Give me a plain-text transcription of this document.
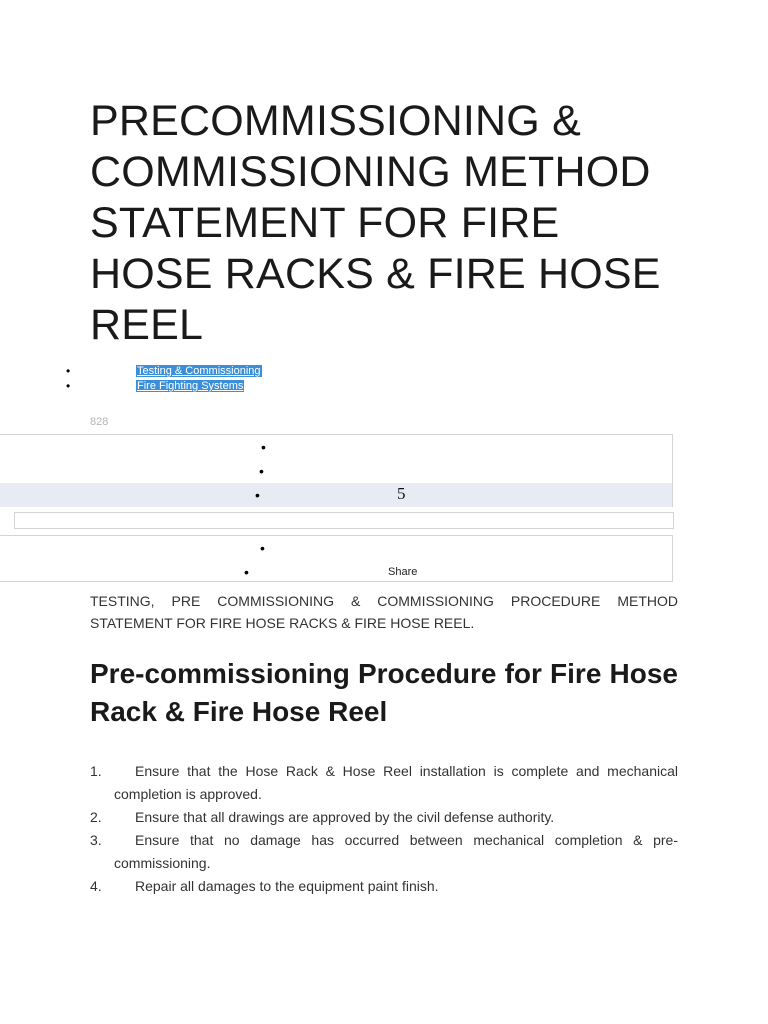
PRECOMMISSIONING & COMMISSIONING METHOD STATEMENT FOR FIRE HOSE RACKS & FIRE HOSE REEL
•	Testing & Commissioning
•	Fire Fighting Systems
828
•
•
•	5
•
•	Share

TESTING, PRE COMMISSIONING & COMMISSIONING PROCEDURE METHOD STATEMENT FOR FIRE HOSE RACKS & FIRE HOSE REEL.

Pre-commissioning Procedure for Fire Hose Rack & Fire Hose Reel
1. Ensure that the Hose Rack & Hose Reel installation is complete and mechanical completion is approved.
2. Ensure that all drawings are approved by the civil defense authority.
3. Ensure that no damage has occurred between mechanical completion & pre-commissioning.
4. Repair all damages to the equipment paint finish.
